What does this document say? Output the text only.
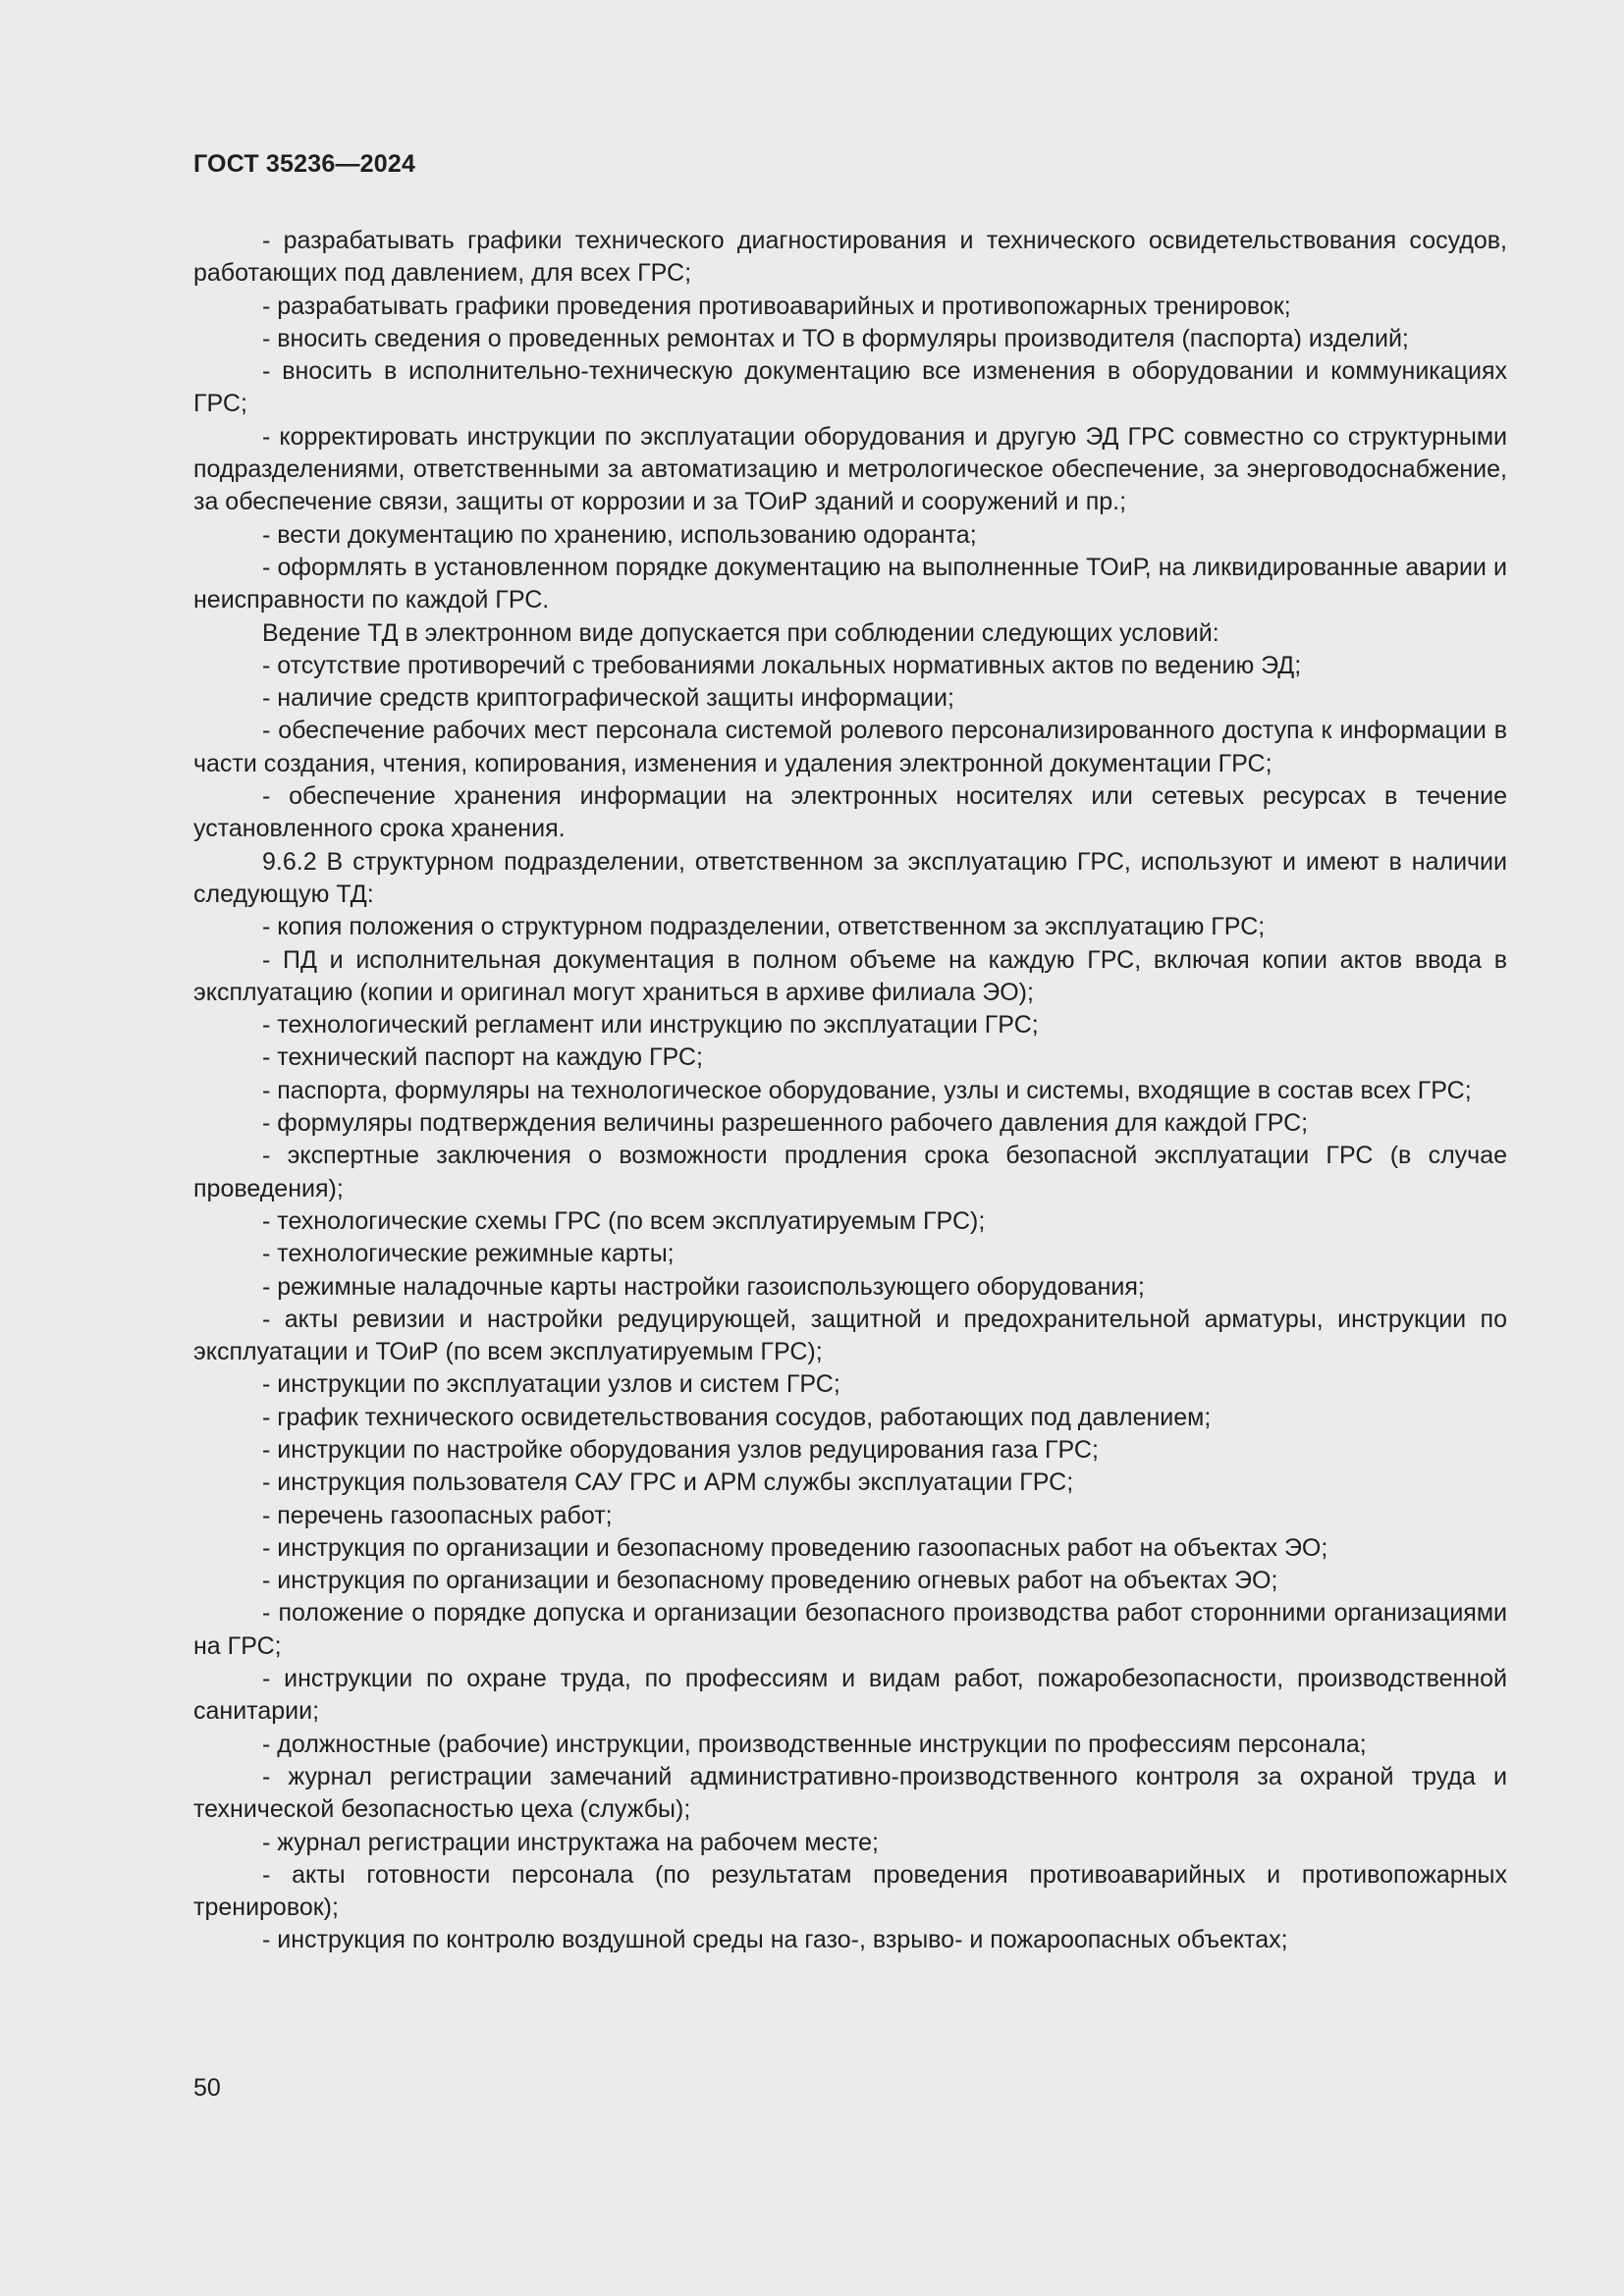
ГОСТ 35236—2024

- разрабатывать графики технического диагностирования и технического освидетельствования сосудов, работающих под давлением, для всех ГРС;

- разрабатывать графики проведения противоаварийных и противопожарных тренировок;

- вносить сведения о проведенных ремонтах и ТО в формуляры производителя (паспорта) изделий;

- вносить в исполнительно-техническую документацию все изменения в оборудовании и коммуникациях ГРС;

- корректировать инструкции по эксплуатации оборудования и другую ЭД ГРС совместно со структурными подразделениями, ответственными за автоматизацию и метрологическое обеспечение, за энерговодоснабжение, за обеспечение связи, защиты от коррозии и за ТОиР зданий и сооружений и пр.;

- вести документацию по хранению, использованию одоранта;

- оформлять в установленном порядке документацию на выполненные ТОиР, на ликвидированные аварии и неисправности по каждой ГРС.

Ведение ТД в электронном виде допускается при соблюдении следующих условий:

- отсутствие противоречий с требованиями локальных нормативных актов по ведению ЭД;

- наличие средств криптографической защиты информации;

- обеспечение рабочих мест персонала системой ролевого персонализированного доступа к информации в части создания, чтения, копирования, изменения и удаления электронной документации ГРС;

- обеспечение хранения информации на электронных носителях или сетевых ресурсах в течение установленного срока хранения.

9.6.2 В структурном подразделении, ответственном за эксплуатацию ГРС, используют и имеют в наличии следующую ТД:

- копия положения о структурном подразделении, ответственном за эксплуатацию ГРС;

- ПД и исполнительная документация в полном объеме на каждую ГРС, включая копии актов ввода в эксплуатацию (копии и оригинал могут храниться в архиве филиала ЭО);

- технологический регламент или инструкцию по эксплуатации ГРС;

- технический паспорт на каждую ГРС;

- паспорта, формуляры на технологическое оборудование, узлы и системы, входящие в состав всех ГРС;

- формуляры подтверждения величины разрешенного рабочего давления для каждой ГРС;

- экспертные заключения о возможности продления срока безопасной эксплуатации ГРС (в случае проведения);

- технологические схемы ГРС (по всем эксплуатируемым ГРС);

- технологические режимные карты;

- режимные наладочные карты настройки газоиспользующего оборудования;

- акты ревизии и настройки редуцирующей, защитной и предохранительной арматуры, инструкции по эксплуатации и ТОиР (по всем эксплуатируемым ГРС);

- инструкции по эксплуатации узлов и систем ГРС;

- график технического освидетельствования сосудов, работающих под давлением;

- инструкции по настройке оборудования узлов редуцирования газа ГРС;

- инструкция пользователя САУ ГРС и АРМ службы эксплуатации ГРС;

- перечень газоопасных работ;

- инструкция по организации и безопасному проведению газоопасных работ на объектах ЭО;

- инструкция по организации и безопасному проведению огневых работ на объектах ЭО;

- положение о порядке допуска и организации безопасного производства работ сторонними организациями на ГРС;

- инструкции по охране труда, по профессиям и видам работ, пожаробезопасности, производственной санитарии;

- должностные (рабочие) инструкции, производственные инструкции по профессиям персонала;

- журнал регистрации замечаний административно-производственного контроля за охраной труда и технической безопасностью цеха (службы);

- журнал регистрации инструктажа на рабочем месте;

- акты готовности персонала (по результатам проведения противоаварийных и противопожарных тренировок);

- инструкция по контролю воздушной среды на газо-, взрыво- и пожароопасных объектах;

50
